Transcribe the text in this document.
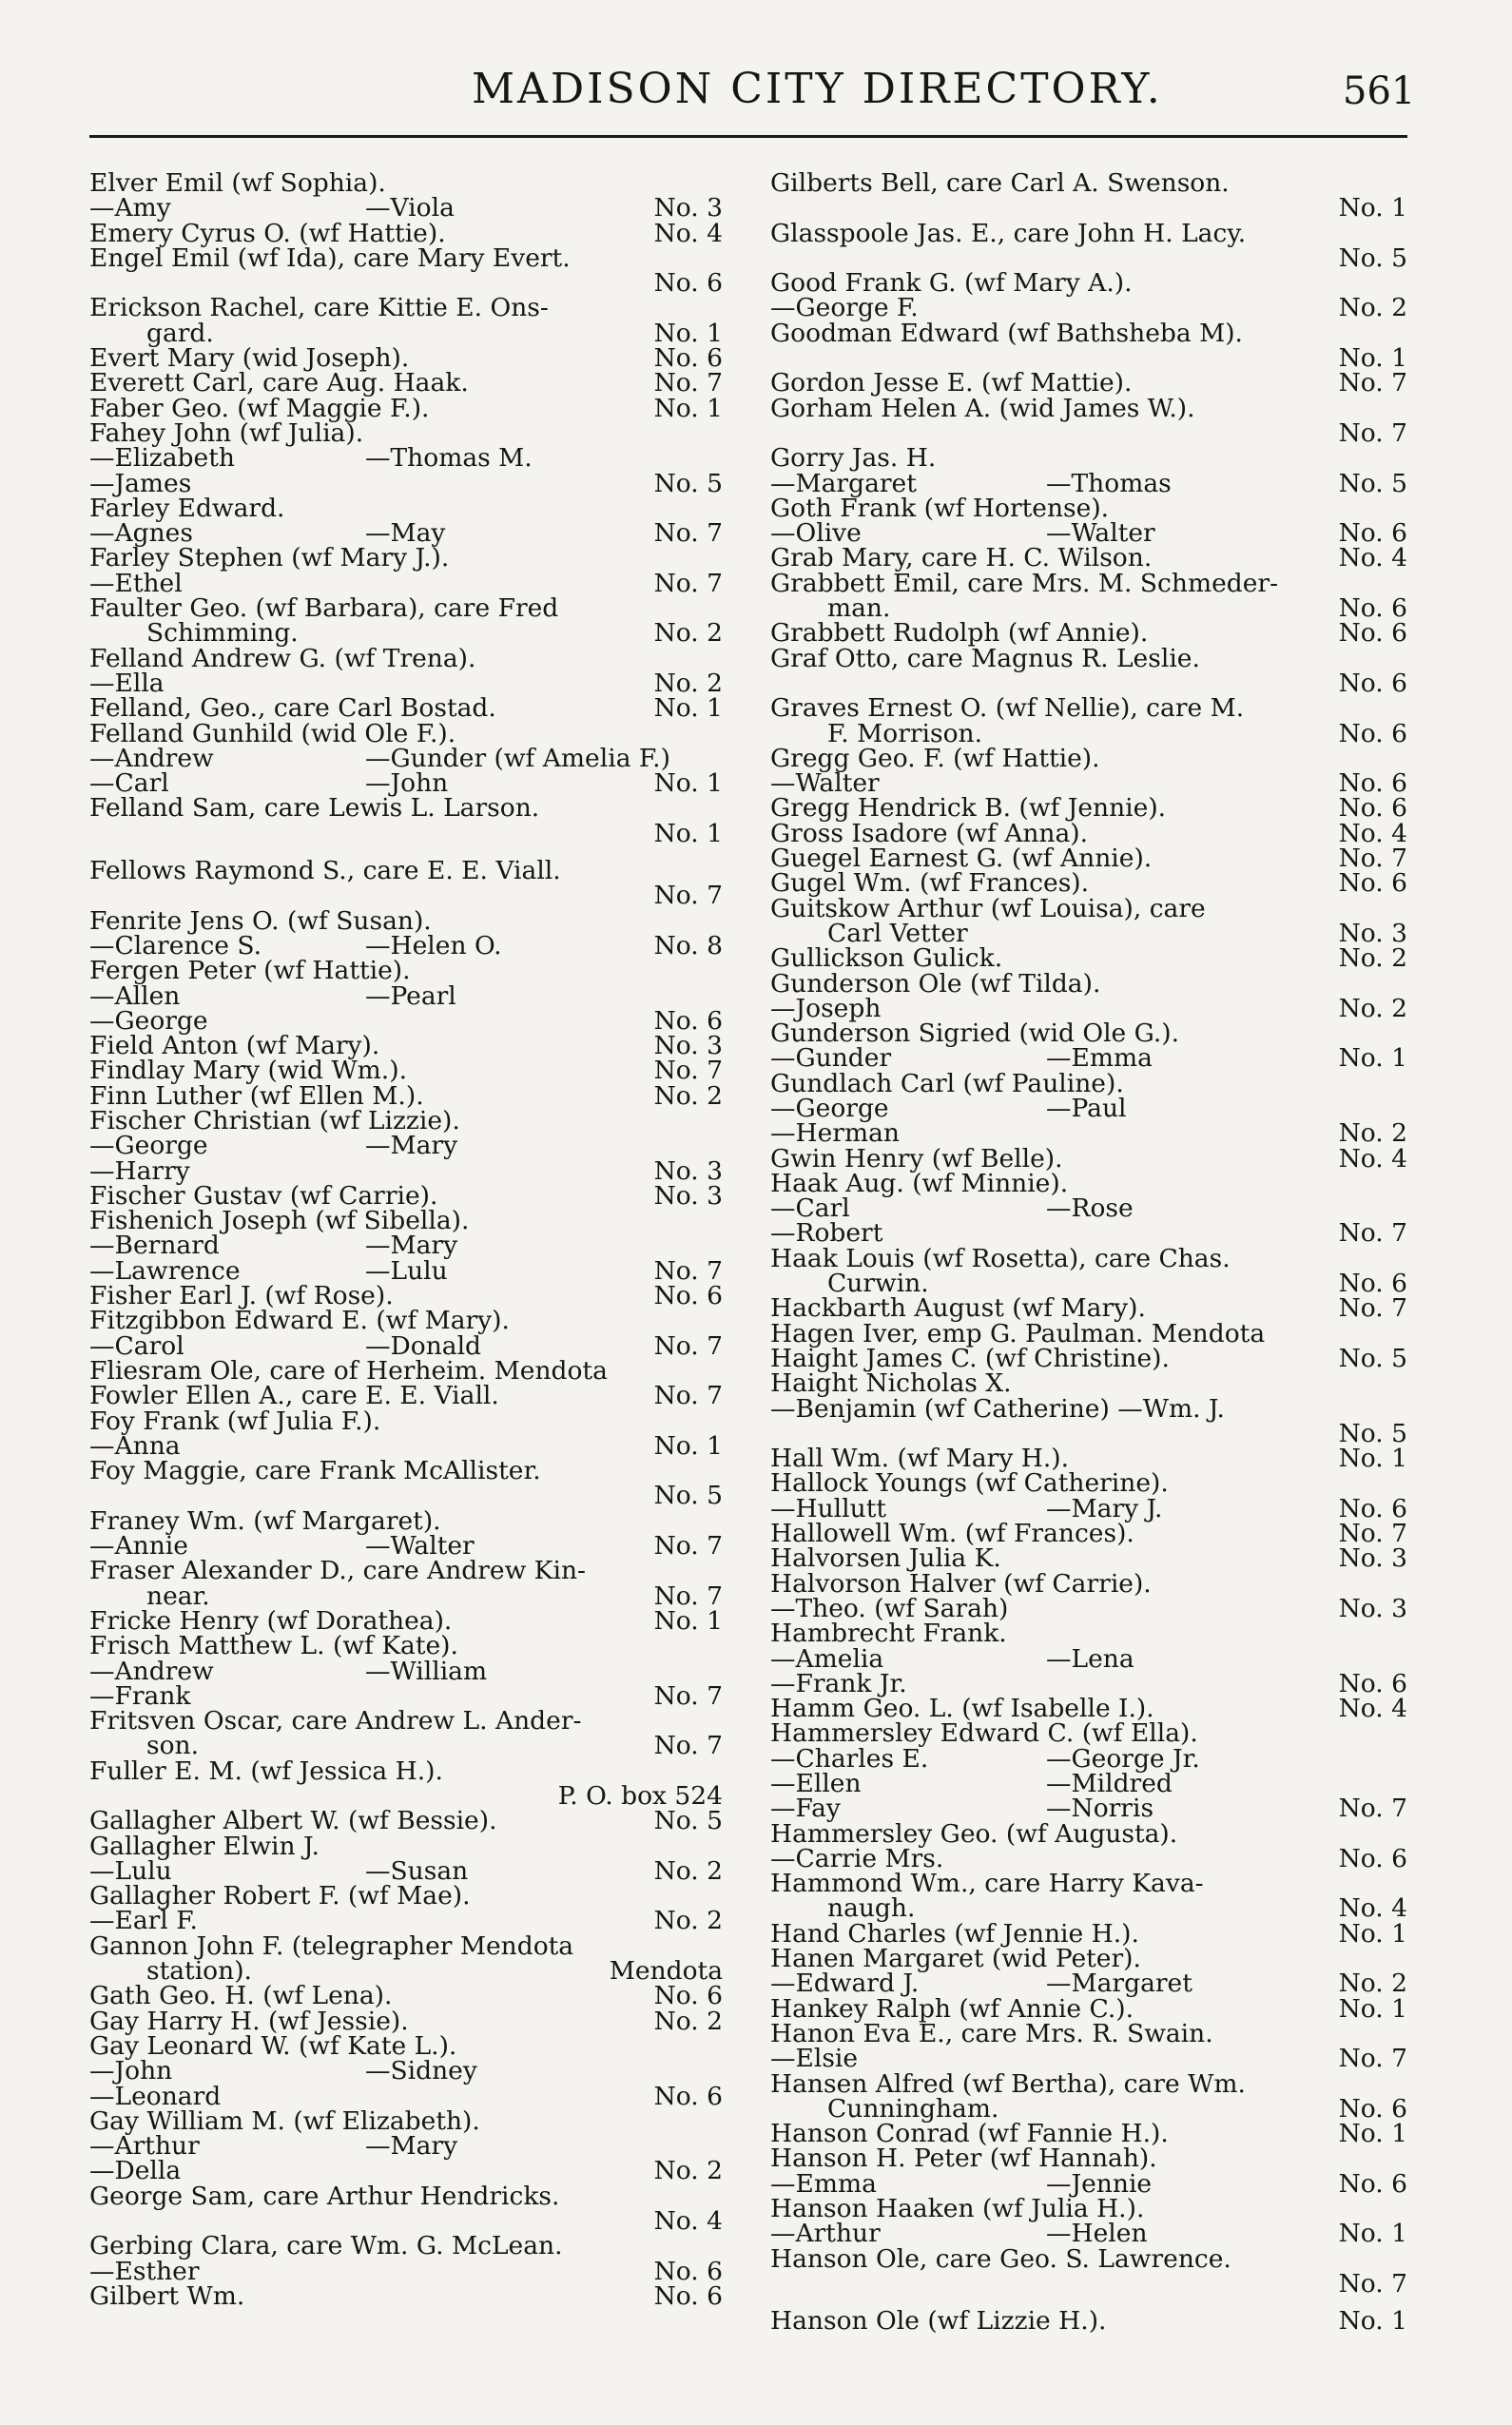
MADISON CITY DIRECTORY.	561
Elver Emil (wf Sophia).
—Amy	—Viola	No. 3
Emery Cyrus O. (wf Hattie).	No. 4
Engel Emil (wf Ida), care Mary Evert.
No. 6
Erickson Rachel, care Kittie E. Ons-
gard.	No. 1
Evert Mary (wid Joseph).	No. 6
Everett Carl, care Aug. Haak.	No. 7
Faber Geo. (wf Maggie F.).	No. 1
Fahey John (wf Julia).
—Elizabeth	—Thomas M.
—James	No. 5
Farley Edward.
—Agnes	—May	No. 7
Farley Stephen (wf Mary J.).
—Ethel	No. 7
Faulter Geo. (wf Barbara), care Fred
Schimming.	No. 2
Felland Andrew G. (wf Trena).
—Ella	No. 2
Felland, Geo., care Carl Bostad.	No. 1
Felland Gunhild (wid Ole F.).
—Andrew	—Gunder (wf Amelia F.)
—Carl	—John	No. 1
Felland Sam, care Lewis L. Larson.
No. 1
Fellows Raymond S., care E. E. Viall.
No. 7
Fenrite Jens O. (wf Susan).
—Clarence S.	—Helen O.	No. 8
Fergen Peter (wf Hattie).
—Allen	—Pearl
—George	No. 6
Field Anton (wf Mary).	No. 3
Findlay Mary (wid Wm.).	No. 7
Finn Luther (wf Ellen M.).	No. 2
Fischer Christian (wf Lizzie).
—George	—Mary
—Harry	No. 3
Fischer Gustav (wf Carrie).	No. 3
Fishenich Joseph (wf Sibella).
—Bernard	—Mary
—Lawrence	—Lulu	No. 7
Fisher Earl J. (wf Rose).	No. 6
Fitzgibbon Edward E. (wf Mary).
—Carol	—Donald	No. 7
Fliesram Ole, care of Herheim. Mendota
Fowler Ellen A., care E. E. Viall.	No. 7
Foy Frank (wf Julia F.).
—Anna	No. 1
Foy Maggie, care Frank McAllister.
No. 5
Franey Wm. (wf Margaret).
—Annie	—Walter	No. 7
Fraser Alexander D., care Andrew Kin-
near.	No. 7
Fricke Henry (wf Dorathea).	No. 1
Frisch Matthew L. (wf Kate).
—Andrew	—William
—Frank	No. 7
Fritsven Oscar, care Andrew L. Ander-
son.	No. 7
Fuller E. M. (wf Jessica H.).
P. O. box 524
Gallagher Albert W. (wf Bessie).	No. 5
Gallagher Elwin J.
—Lulu	—Susan	No. 2
Gallagher Robert F. (wf Mae).
—Earl F.	No. 2
Gannon John F. (telegrapher Mendota
station).	Mendota
Gath Geo. H. (wf Lena).	No. 6
Gay Harry H. (wf Jessie).	No. 2
Gay Leonard W. (wf Kate L.).
—John	—Sidney
—Leonard	No. 6
Gay William M. (wf Elizabeth).
—Arthur	—Mary
—Della	No. 2
George Sam, care Arthur Hendricks.
No. 4
Gerbing Clara, care Wm. G. McLean.
—Esther	No. 6
Gilbert Wm.	No. 6
Gilberts Bell, care Carl A. Swenson.
No. 1
Glasspoole Jas. E., care John H. Lacy.
No. 5
Good Frank G. (wf Mary A.).
—George F.	No. 2
Goodman Edward (wf Bathsheba M).
No. 1
Gordon Jesse E. (wf Mattie).	No. 7
Gorham Helen A. (wid James W.).
No. 7
Gorry Jas. H.
—Margaret	—Thomas	No. 5
Goth Frank (wf Hortense).
—Olive	—Walter	No. 6
Grab Mary, care H. C. Wilson.	No. 4
Grabbett Emil, care Mrs. M. Schmeder-
man.	No. 6
Grabbett Rudolph (wf Annie).	No. 6
Graf Otto, care Magnus R. Leslie.
No. 6
Graves Ernest O. (wf Nellie), care M.
F. Morrison.	No. 6
Gregg Geo. F. (wf Hattie).
—Walter	No. 6
Gregg Hendrick B. (wf Jennie).	No. 6
Gross Isadore (wf Anna).	No. 4
Guegel Earnest G. (wf Annie).	No. 7
Gugel Wm. (wf Frances).	No. 6
Guitskow Arthur (wf Louisa), care
Carl Vetter	No. 3
Gullickson Gulick.	No. 2
Gunderson Ole (wf Tilda).
—Joseph	No. 2
Gunderson Sigried (wid Ole G.).
—Gunder	—Emma	No. 1
Gundlach Carl (wf Pauline).
—George	—Paul
—Herman	No. 2
Gwin Henry (wf Belle).	No. 4
Haak Aug. (wf Minnie).
—Carl	—Rose
—Robert	No. 7
Haak Louis (wf Rosetta), care Chas.
Curwin.	No. 6
Hackbarth August (wf Mary).	No. 7
Hagen Iver, emp G. Paulman. Mendota
Haight James C. (wf Christine).	No. 5
Haight Nicholas X.
—Benjamin (wf Catherine) —Wm. J.
No. 5
Hall Wm. (wf Mary H.).	No. 1
Hallock Youngs (wf Catherine).
—Hullutt	—Mary J.	No. 6
Hallowell Wm. (wf Frances).	No. 7
Halvorsen Julia K.	No. 3
Halvorson Halver (wf Carrie).
—Theo. (wf Sarah)	No. 3
Hambrecht Frank.
—Amelia	—Lena
—Frank Jr.	No. 6
Hamm Geo. L. (wf Isabelle I.).	No. 4
Hammersley Edward C. (wf Ella).
—Charles E.	—George Jr.
—Ellen	—Mildred
—Fay	—Norris	No. 7
Hammersley Geo. (wf Augusta).
—Carrie Mrs.	No. 6
Hammond Wm., care Harry Kava-
naugh.	No. 4
Hand Charles (wf Jennie H.).	No. 1
Hanen Margaret (wid Peter).
—Edward J.	—Margaret	No. 2
Hankey Ralph (wf Annie C.).	No. 1
Hanon Eva E., care Mrs. R. Swain.
—Elsie	No. 7
Hansen Alfred (wf Bertha), care Wm.
Cunningham.	No. 6
Hanson Conrad (wf Fannie H.).	No. 1
Hanson H. Peter (wf Hannah).
—Emma	—Jennie	No. 6
Hanson Haaken (wf Julia H.).
—Arthur	—Helen	No. 1
Hanson Ole, care Geo. S. Lawrence.
No. 7
Hanson Ole (wf Lizzie H.).	No. 1
